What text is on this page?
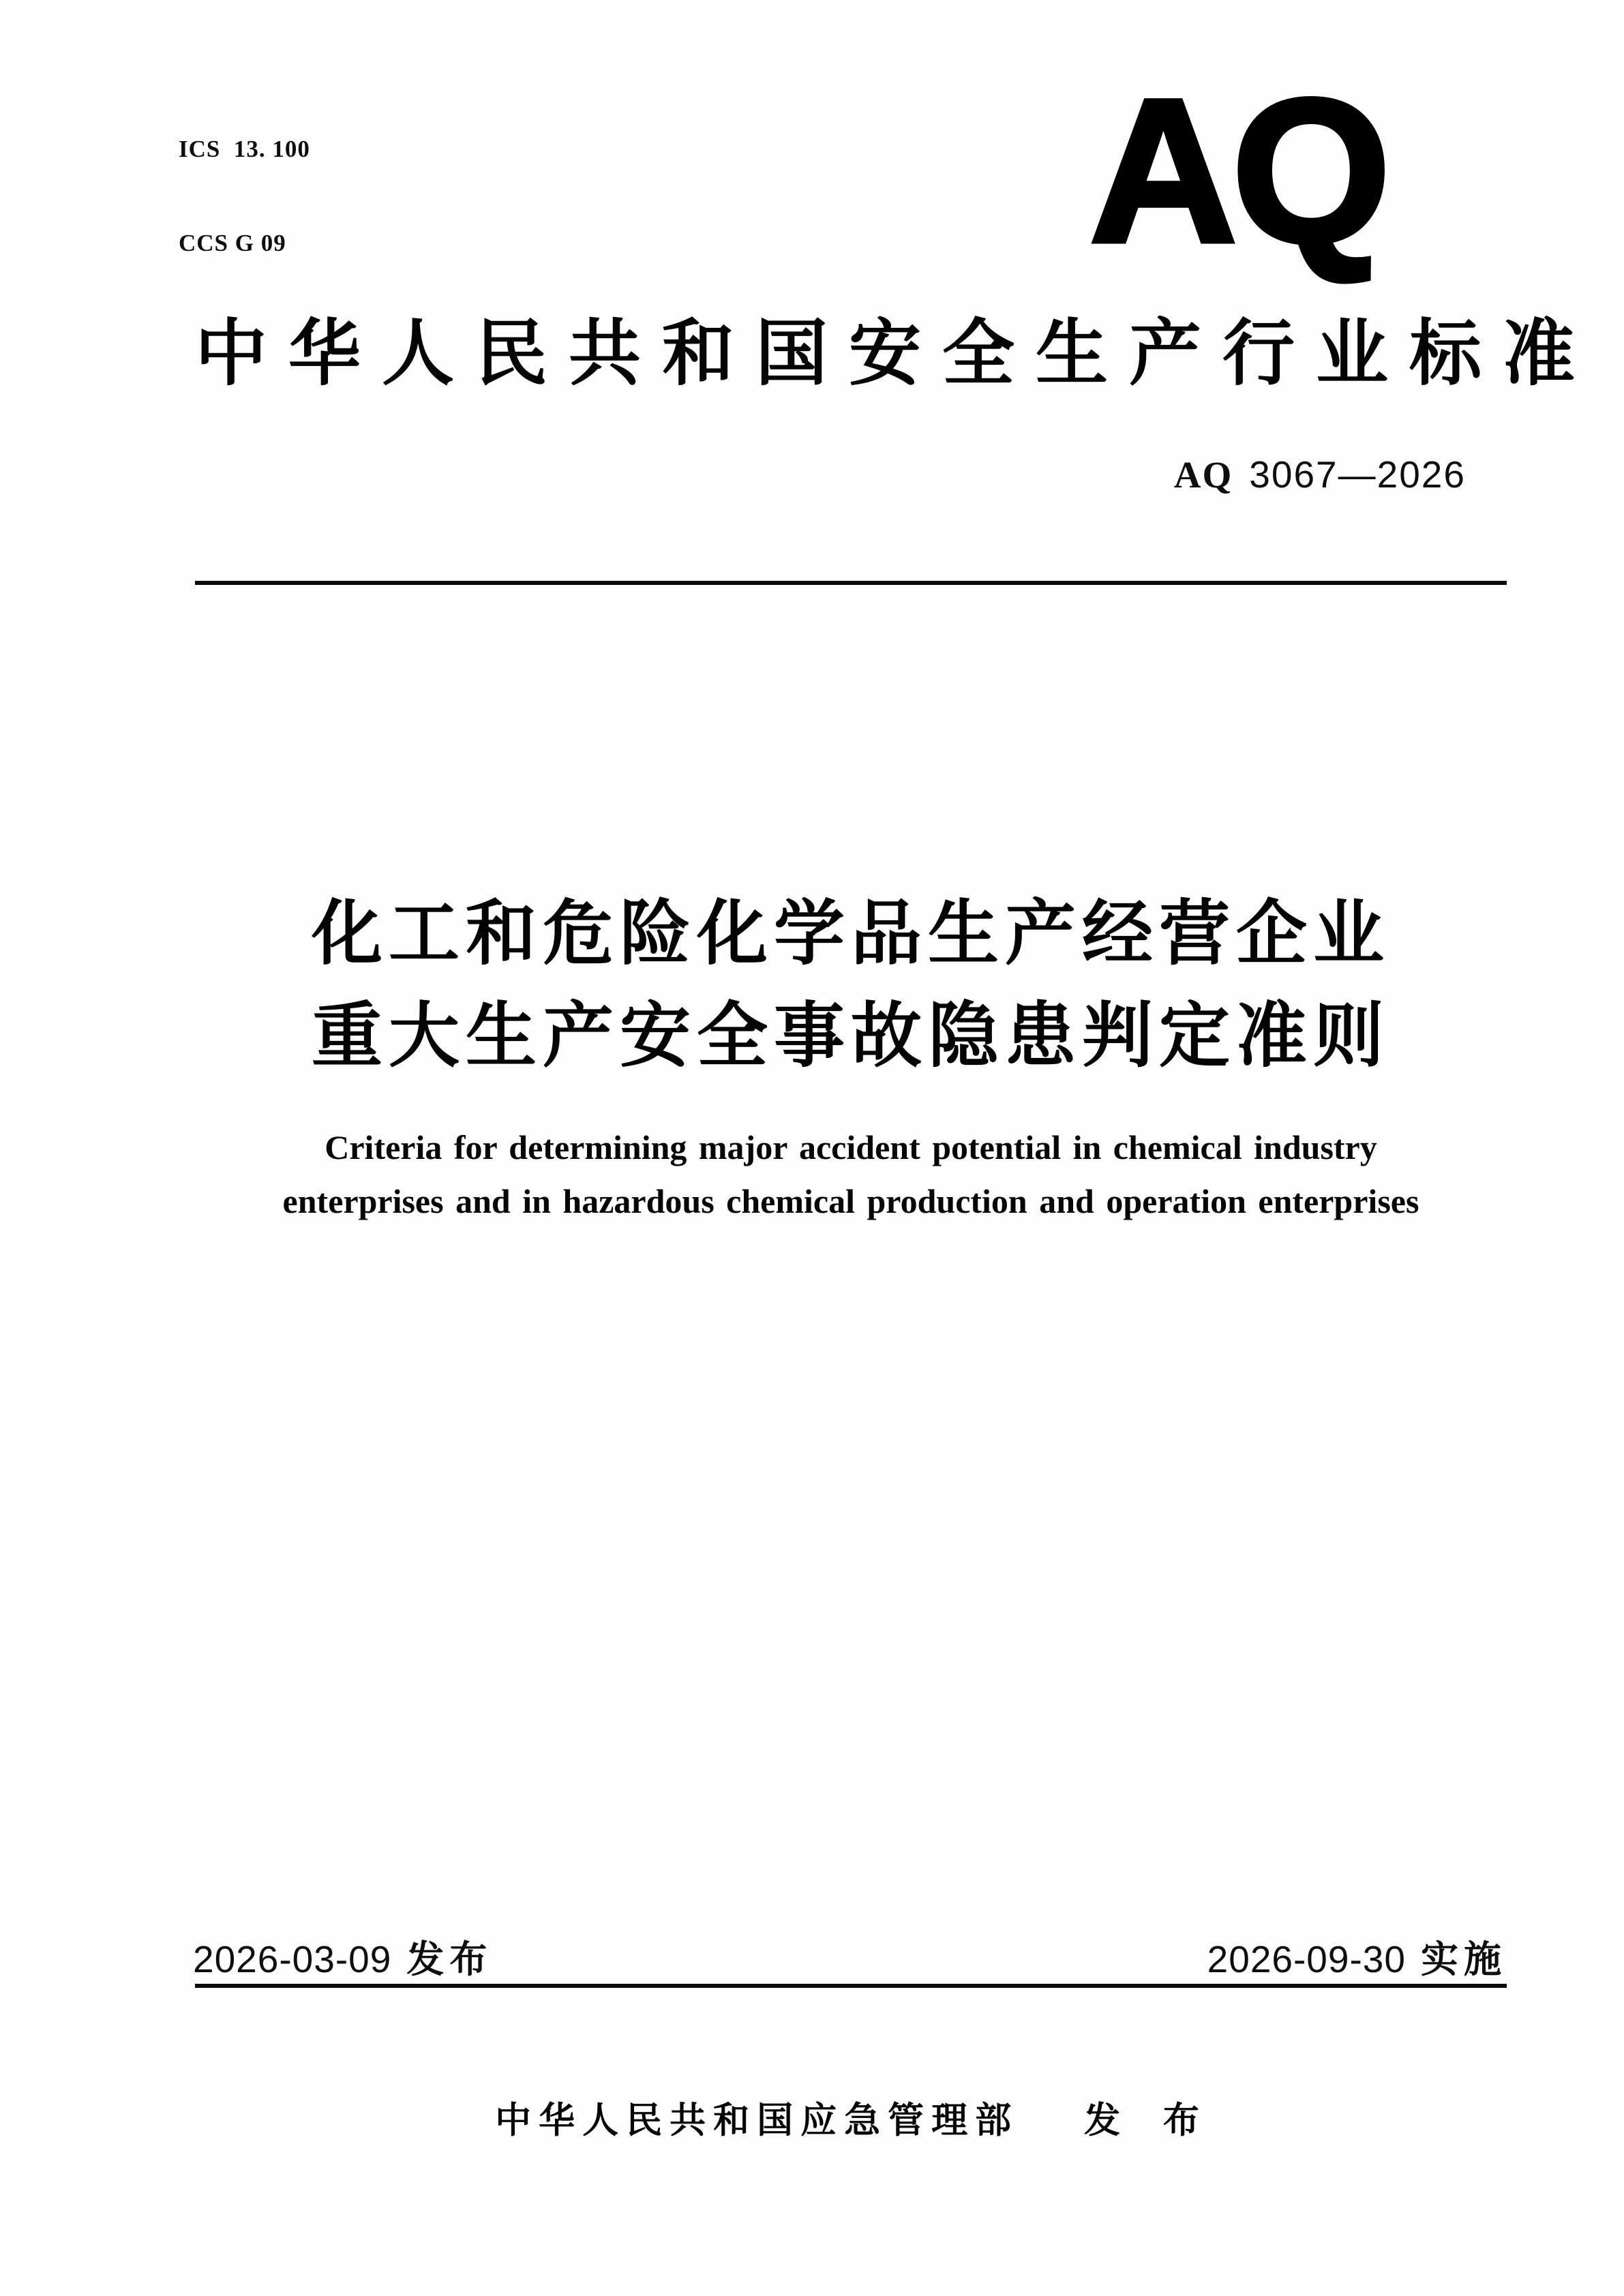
ICS  13. 100

CCS G 09

	AQ
中华人民共和国安全生产行业标准
AQ 3067—2026
化工和危险化学品生产经营企业
重大生产安全事故隐患判定准则
Criteria for determining major accident potential in chemical industry
enterprises and in hazardous chemical production and operation enterprises
2026-03-09 发布	2026-09-30 实施
中华人民共和国应急管理部 发 布
